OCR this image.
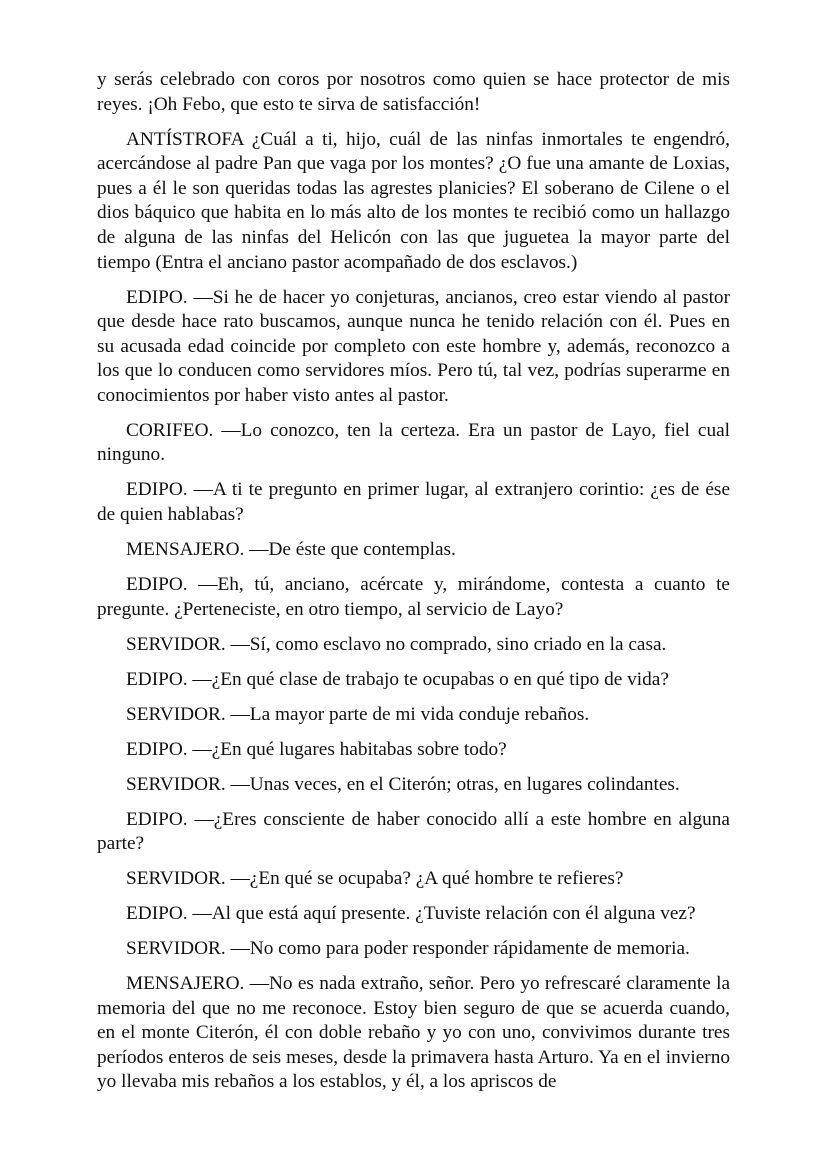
y serás celebrado con coros por nosotros como quien se hace protector de mis reyes. ¡Oh Febo, que esto te sirva de satisfacción!

ANTÍSTROFA ¿Cuál a ti, hijo, cuál de las ninfas inmortales te engendró, acercándose al padre Pan que vaga por los montes? ¿O fue una amante de Loxias, pues a él le son queridas todas las agrestes planicies? El soberano de Cilene o el dios báquico que habita en lo más alto de los montes te recibió como un hallazgo de alguna de las ninfas del Helicón con las que juguetea la mayor parte del tiempo (Entra el anciano pastor acompañado de dos esclavos.)

EDIPO. —Si he de hacer yo conjeturas, ancianos, creo estar viendo al pastor que desde hace rato buscamos, aunque nunca he tenido relación con él. Pues en su acusada edad coincide por completo con este hombre y, además, reconozco a los que lo conducen como servidores míos. Pero tú, tal vez, podrías superarme en conocimientos por haber visto antes al pastor.

CORIFEO. —Lo conozco, ten la certeza. Era un pastor de Layo, fiel cual ninguno.

EDIPO. —A ti te pregunto en primer lugar, al extranjero corintio: ¿es de ése de quien hablabas?

MENSAJERO. —De éste que contemplas.

EDIPO. —Eh, tú, anciano, acércate y, mirándome, contesta a cuanto te pregunte. ¿Perteneciste, en otro tiempo, al servicio de Layo?

SERVIDOR. —Sí, como esclavo no comprado, sino criado en la casa.

EDIPO. —¿En qué clase de trabajo te ocupabas o en qué tipo de vida?

SERVIDOR. —La mayor parte de mi vida conduje rebaños.

EDIPO. —¿En qué lugares habitabas sobre todo?

SERVIDOR. —Unas veces, en el Citerón; otras, en lugares colindantes.

EDIPO. —¿Eres consciente de haber conocido allí a este hombre en alguna parte?

SERVIDOR. —¿En qué se ocupaba? ¿A qué hombre te refieres?

EDIPO. —Al que está aquí presente. ¿Tuviste relación con él alguna vez?

SERVIDOR. —No como para poder responder rápidamente de memoria.

MENSAJERO. —No es nada extraño, señor. Pero yo refrescaré claramente la memoria del que no me reconoce. Estoy bien seguro de que se acuerda cuando, en el monte Citerón, él con doble rebaño y yo con uno, convivimos durante tres períodos enteros de seis meses, desde la primavera hasta Arturo. Ya en el invierno yo llevaba mis rebaños a los establos, y él, a los apriscos de
